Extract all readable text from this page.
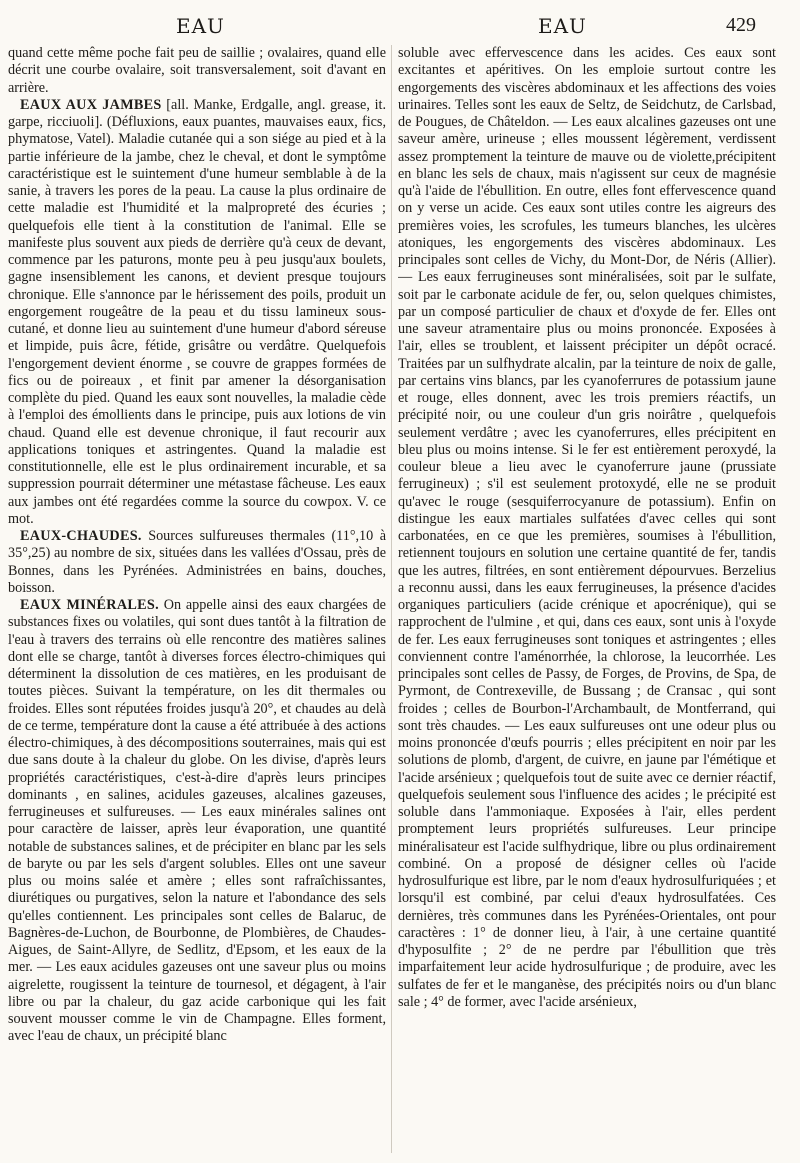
EAU	EAU	429

quand cette même poche fait peu de saillie ; ovalaires, quand elle décrit une courbe ovalaire, soit transversalement, soit d'avant en arrière.

EAUX AUX JAMBES [all. Manke, Erdgalle, angl. grease, it. garpe, ricciuoli]. (Défluxions, eaux puantes, mauvaises eaux, fics, phymatose, Vatel). Maladie cutanée qui a son siége au pied et à la partie inférieure de la jambe, chez le cheval, et dont le symptôme caractéristique est le suintement d'une humeur semblable à de la sanie, à travers les pores de la peau. La cause la plus ordinaire de cette maladie est l'humidité et la malpropreté des écuries ; quelquefois elle tient à la constitution de l'animal. Elle se manifeste plus souvent aux pieds de derrière qu'à ceux de devant, commence par les paturons, monte peu à peu jusqu'aux boulets, gagne insensiblement les canons, et devient presque toujours chronique. Elle s'annonce par le hérissement des poils, produit un engorgement rougeâtre de la peau et du tissu lamineux sous-cutané, et donne lieu au suintement d'une humeur d'abord séreuse et limpide, puis âcre, fétide, grisâtre ou verdâtre. Quelquefois l'engorgement devient énorme , se couvre de grappes formées de fics ou de poireaux , et finit par amener la désorganisation complète du pied. Quand les eaux sont nouvelles, la maladie cède à l'emploi des émollients dans le principe, puis aux lotions de vin chaud. Quand elle est devenue chronique, il faut recourir aux applications toniques et astringentes. Quand la maladie est constitutionnelle, elle est le plus ordinairement incurable, et sa suppression pourrait déterminer une métastase fâcheuse. Les eaux aux jambes ont été regardées comme la source du cowpox. V. ce mot.

EAUX-CHAUDES. Sources sulfureuses thermales (11°,10 à 35°,25) au nombre de six, situées dans les vallées d'Ossau, près de Bonnes, dans les Pyrénées. Administrées en bains, douches, boisson.

EAUX MINÉRALES. On appelle ainsi des eaux chargées de substances fixes ou volatiles, qui sont dues tantôt à la filtration de l'eau à travers des terrains où elle rencontre des matières salines dont elle se charge, tantôt à diverses forces électro-chimiques qui déterminent la dissolution de ces matières, en les produisant de toutes pièces. Suivant la température, on les dit thermales ou froides. Elles sont réputées froides jusqu'à 20°, et chaudes au delà de ce terme, température dont la cause a été attribuée à des actions électro-chimiques, à des décompositions souterraines, mais qui est due sans doute à la chaleur du globe. On les divise, d'après leurs propriétés caractéristiques, c'est-à-dire d'après leurs principes dominants , en salines, acidules gazeuses, alcalines gazeuses, ferrugineuses et sulfureuses. — Les eaux minérales salines ont pour caractère de laisser, après leur évaporation, une quantité notable de substances salines, et de précipiter en blanc par les sels de baryte ou par les sels d'argent solubles. Elles ont une saveur plus ou moins salée et amère ; elles sont rafraîchissantes, diurétiques ou purgatives, selon la nature et l'abondance des sels qu'elles contiennent. Les principales sont celles de Balaruc, de Bagnères-de-Luchon, de Bourbonne, de Plombières, de Chaudes-Aigues, de Saint-Allyre, de Sedlitz, d'Epsom, et les eaux de la mer. — Les eaux acidules gazeuses ont une saveur plus ou moins aigrelette, rougissent la teinture de tournesol, et dégagent, à l'air libre ou par la chaleur, du gaz acide carbonique qui les fait souvent mousser comme le vin de Champagne. Elles forment, avec l'eau de chaux, un précipité blanc

soluble avec effervescence dans les acides. Ces eaux sont excitantes et apéritives. On les emploie surtout contre les engorgements des viscères abdominaux et les affections des voies urinaires. Telles sont les eaux de Seltz, de Seidchutz, de Carlsbad, de Pougues, de Châteldon. — Les eaux alcalines gazeuses ont une saveur amère, urineuse ; elles moussent légèrement, verdissent assez promptement la teinture de mauve ou de violette,précipitent en blanc les sels de chaux, mais n'agissent sur ceux de magnésie qu'à l'aide de l'ébullition. En outre, elles font effervescence quand on y verse un acide. Ces eaux sont utiles contre les aigreurs des premières voies, les scrofules, les tumeurs blanches, les ulcères atoniques, les engorgements des viscères abdominaux. Les principales sont celles de Vichy, du Mont-Dor, de Néris (Allier). — Les eaux ferrugineuses sont minéralisées, soit par le sulfate, soit par le carbonate acidule de fer, ou, selon quelques chimistes, par un composé particulier de chaux et d'oxyde de fer. Elles ont une saveur atramentaire plus ou moins prononcée. Exposées à l'air, elles se troublent, et laissent précipiter un dépôt ocracé. Traitées par un sulfhydrate alcalin, par la teinture de noix de galle, par certains vins blancs, par les cyanoferrures de potassium jaune et rouge, elles donnent, avec les trois premiers réactifs, un précipité noir, ou une couleur d'un gris noirâtre , quelquefois seulement verdâtre ; avec les cyanoferrures, elles précipitent en bleu plus ou moins intense. Si le fer est entièrement peroxydé, la couleur bleue a lieu avec le cyanoferrure jaune (prussiate ferrugineux) ; s'il est seulement protoxydé, elle ne se produit qu'avec le rouge (sesquiferrocyanure de potassium). Enfin on distingue les eaux martiales sulfatées d'avec celles qui sont carbonatées, en ce que les premières, soumises à l'ébullition, retiennent toujours en solution une certaine quantité de fer, tandis que les autres, filtrées, en sont entièrement dépourvues. Berzelius a reconnu aussi, dans les eaux ferrugineuses, la présence d'acides organiques particuliers (acide crénique et apocrénique), qui se rapprochent de l'ulmine , et qui, dans ces eaux, sont unis à l'oxyde de fer. Les eaux ferrugineuses sont toniques et astringentes ; elles conviennent contre l'aménorrhée, la chlorose, la leucorrhée. Les principales sont celles de Passy, de Forges, de Provins, de Spa, de Pyrmont, de Contrexeville, de Bussang ; de Cransac , qui sont froides ; celles de Bourbon-l'Archambault, de Montferrand, qui sont très chaudes. — Les eaux sulfureuses ont une odeur plus ou moins prononcée d'œufs pourris ; elles précipitent en noir par les solutions de plomb, d'argent, de cuivre, en jaune par l'émétique et l'acide arsénieux ; quelquefois tout de suite avec ce dernier réactif, quelquefois seulement sous l'influence des acides ; le précipité est soluble dans l'ammoniaque. Exposées à l'air, elles perdent promptement leurs propriétés sulfureuses. Leur principe minéralisateur est l'acide sulfhydrique, libre ou plus ordinairement combiné. On a proposé de désigner celles où l'acide hydrosulfurique est libre, par le nom d'eaux hydrosulfuriquées ; et lorsqu'il est combiné, par celui d'eaux hydrosulfatées. Ces dernières, très communes dans les Pyrénées-Orientales, ont pour caractères : 1° de donner lieu, à l'air, à une certaine quantité d'hyposulfite ; 2° de ne perdre par l'ébullition que très imparfaitement leur acide hydrosulfurique ; de produire, avec les sulfates de fer et le manganèse, des précipités noirs ou d'un blanc sale ; 4° de former, avec l'acide arsénieux,
